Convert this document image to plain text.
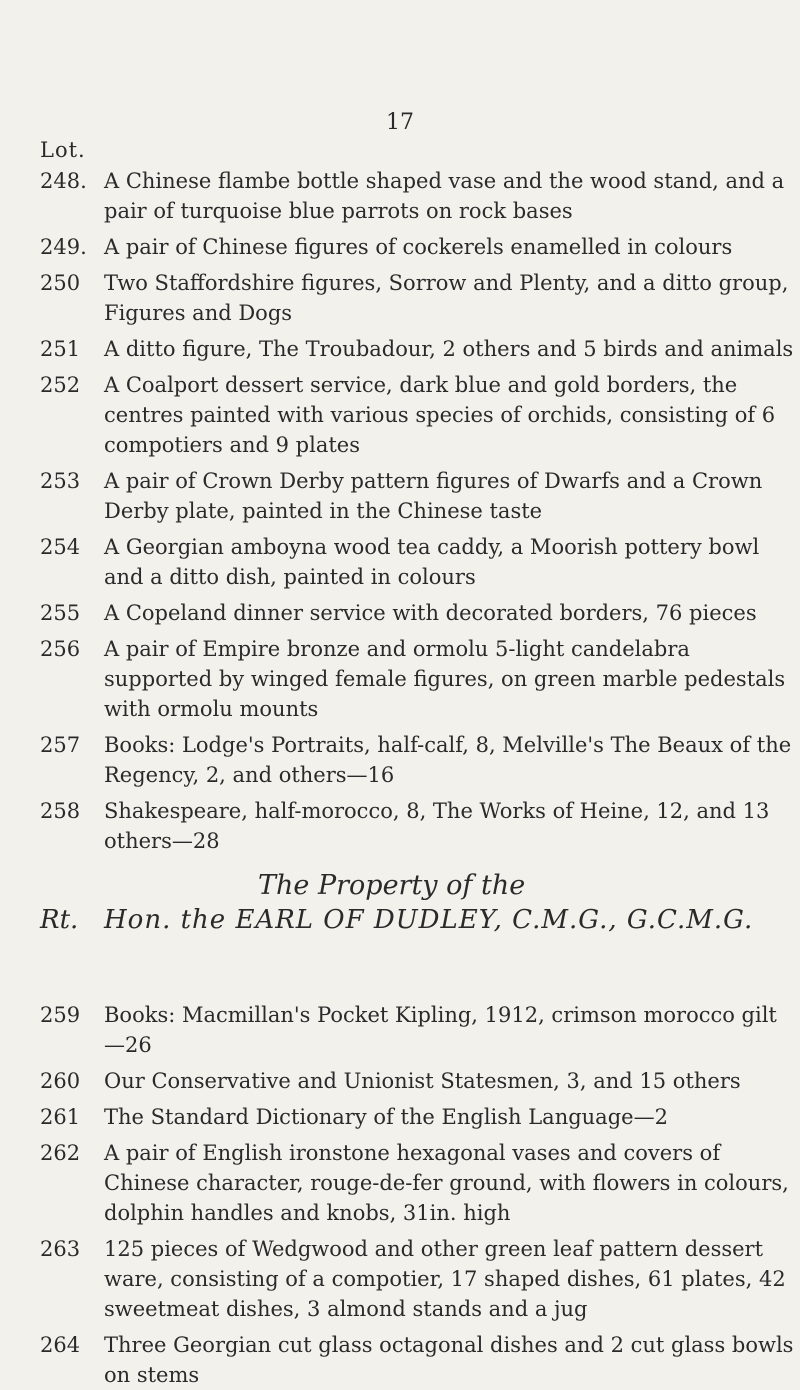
17
Lot.
248. A Chinese flambe bottle shaped vase and the wood stand, and a pair of turquoise blue parrots on rock bases
249. A pair of Chinese figures of cockerels enamelled in colours
250	Two Staffordshire figures, Sorrow and Plenty, and a ditto group, Figures and Dogs
251	A ditto figure, The Troubadour, 2 others and 5 birds and animals
252	A Coalport dessert service, dark blue and gold borders, the centres painted with various species of orchids, consisting of 6 compotiers and 9 plates
253	A pair of Crown Derby pattern figures of Dwarfs and a Crown Derby plate, painted in the Chinese taste
254	A Georgian amboyna wood tea caddy, a Moorish pottery bowl and a ditto dish, painted in colours
255	A Copeland dinner service with decorated borders, 76 pieces
256	A pair of Empire bronze and ormolu 5-light candelabra supported by winged female figures, on green marble pedestals with ormolu mounts
257	Books: Lodge's Portraits, half-calf, 8, Melville's The Beaux of the Regency, 2, and others—16
258	Shakespeare, half-morocco, 8, The Works of Heine, 12, and 13 others—28
The Property of the
Rt. Hon. the EARL OF DUDLEY, C.M.G., G.C.M.G.
259	Books: Macmillan's Pocket Kipling, 1912, crimson morocco gilt—26
260	Our Conservative and Unionist Statesmen, 3, and 15 others
261	The Standard Dictionary of the English Language—2
262	A pair of English ironstone hexagonal vases and covers of Chinese character, rouge-de-fer ground, with flowers in colours, dolphin handles and knobs, 31in. high
263	125 pieces of Wedgwood and other green leaf pattern dessert ware, consisting of a compotier, 17 shaped dishes, 61 plates, 42 sweetmeat dishes, 3 almond stands and a jug
264	Three Georgian cut glass octagonal dishes and 2 cut glass bowls on stems
